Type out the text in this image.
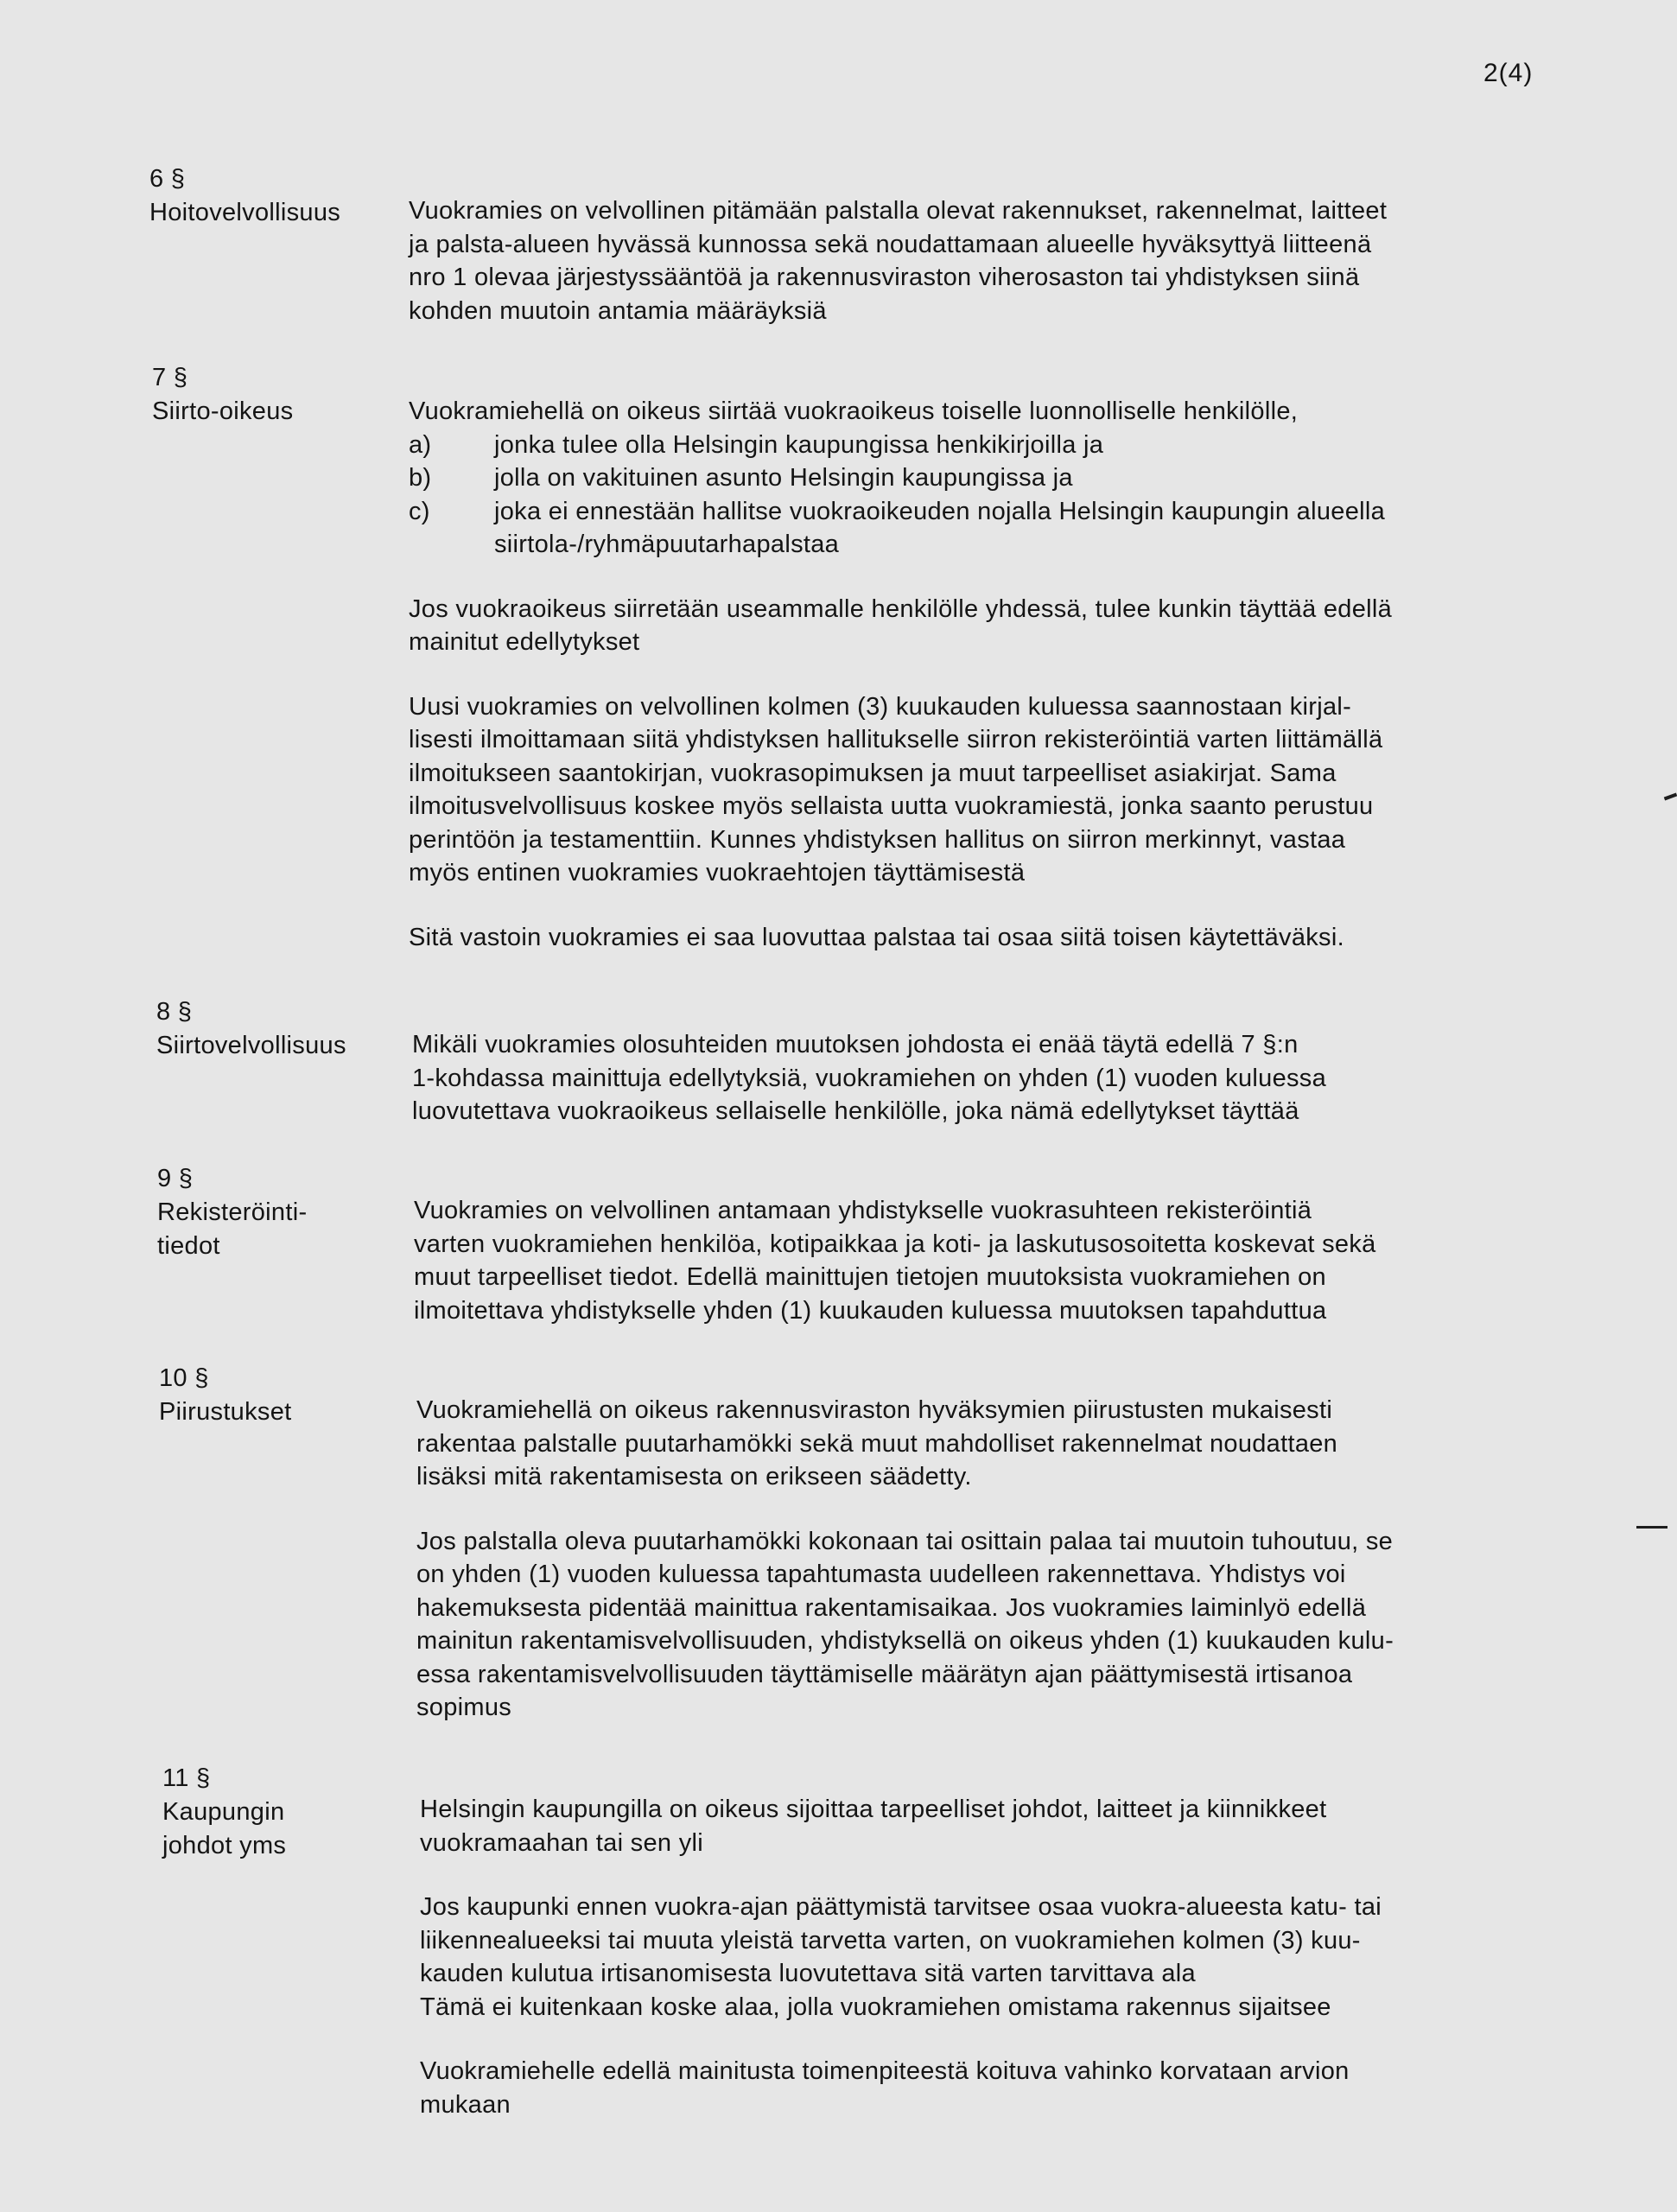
2(4)
6 §
Hoitovelvollisuus	Vuokramies on velvollinen pitämään palstalla olevat rakennukset, rakennelmat, laitteet
ja palsta-alueen hyvässä kunnossa sekä noudattamaan alueelle hyväksyttyä liitteenä
nro 1 olevaa järjestyssääntöä ja rakennusviraston viherosaston tai yhdistyksen siinä
kohden muutoin antamia määräyksiä
7 §
Siirto-oikeus	Vuokramiehellä on oikeus siirtää vuokraoikeus toiselle luonnolliselle henkilölle,
a)	jonka tulee olla Helsingin kaupungissa henkikirjoilla ja
b)	jolla on vakituinen asunto Helsingin kaupungissa ja
c)	joka ei ennestään hallitse vuokraoikeuden nojalla Helsingin kaupungin alueella
siirtola-/ryhmäpuutarhapalstaa
Jos vuokraoikeus siirretään useammalle henkilölle yhdessä, tulee kunkin täyttää edellä
mainitut edellytykset
Uusi vuokramies on velvollinen kolmen (3) kuukauden kuluessa saannostaan kirjal-
lisesti ilmoittamaan siitä yhdistyksen hallitukselle siirron rekisteröintiä varten liittämällä
ilmoitukseen saantokirjan, vuokrasopimuksen ja muut tarpeelliset asiakirjat. Sama
ilmoitusvelvollisuus koskee myös sellaista uutta vuokramiestä, jonka saanto perustuu
perintöön ja testamenttiin. Kunnes yhdistyksen hallitus on siirron merkinnyt, vastaa
myös entinen vuokramies vuokraehtojen täyttämisestä
Sitä vastoin vuokramies ei saa luovuttaa palstaa tai osaa siitä toisen käytettäväksi.
8 §
Siirtovelvollisuus	Mikäli vuokramies olosuhteiden muutoksen johdosta ei enää täytä edellä 7 §:n
1-kohdassa mainittuja edellytyksiä, vuokramiehen on yhden (1) vuoden kuluessa
luovutettava vuokraoikeus sellaiselle henkilölle, joka nämä edellytykset täyttää
9 §
Rekisteröinti-
tiedot
Vuokramies on velvollinen antamaan yhdistykselle vuokrasuhteen rekisteröintiä
varten vuokramiehen henkilöa, kotipaikkaa ja koti- ja laskutusosoitetta koskevat sekä
muut tarpeelliset tiedot. Edellä mainittujen tietojen muutoksista vuokramiehen on
ilmoitettava yhdistykselle yhden (1) kuukauden kuluessa muutoksen tapahduttua
10 §
Piirustukset	Vuokramiehellä on oikeus rakennusviraston hyväksymien piirustusten mukaisesti
rakentaa palstalle puutarhamökki sekä muut mahdolliset rakennelmat noudattaen
lisäksi mitä rakentamisesta on erikseen säädetty.
Jos palstalla oleva puutarhamökki kokonaan tai osittain palaa tai muutoin tuhoutuu, se
on yhden (1) vuoden kuluessa tapahtumasta uudelleen rakennettava. Yhdistys voi
hakemuksesta pidentää mainittua rakentamisaikaa. Jos vuokramies laiminlyö edellä
mainitun rakentamisvelvollisuuden, yhdistyksellä on oikeus yhden (1) kuukauden kulu-
essa rakentamisvelvollisuuden täyttämiselle määrätyn ajan päättymisestä irtisanoa
sopimus
11 §
Kaupungin
johdot yms
Helsingin kaupungilla on oikeus sijoittaa tarpeelliset johdot, laitteet ja kiinnikkeet
vuokramaahan tai sen yli
Jos kaupunki ennen vuokra-ajan päättymistä tarvitsee osaa vuokra-alueesta katu- tai
liikennealueeksi tai muuta yleistä tarvetta varten, on vuokramiehen kolmen (3) kuu-
kauden kulutua irtisanomisesta luovutettava sitä varten tarvittava ala
Tämä ei kuitenkaan koske alaa, jolla vuokramiehen omistama rakennus sijaitsee
Vuokramiehelle edellä mainitusta toimenpiteestä koituva vahinko korvataan arvion
mukaan
